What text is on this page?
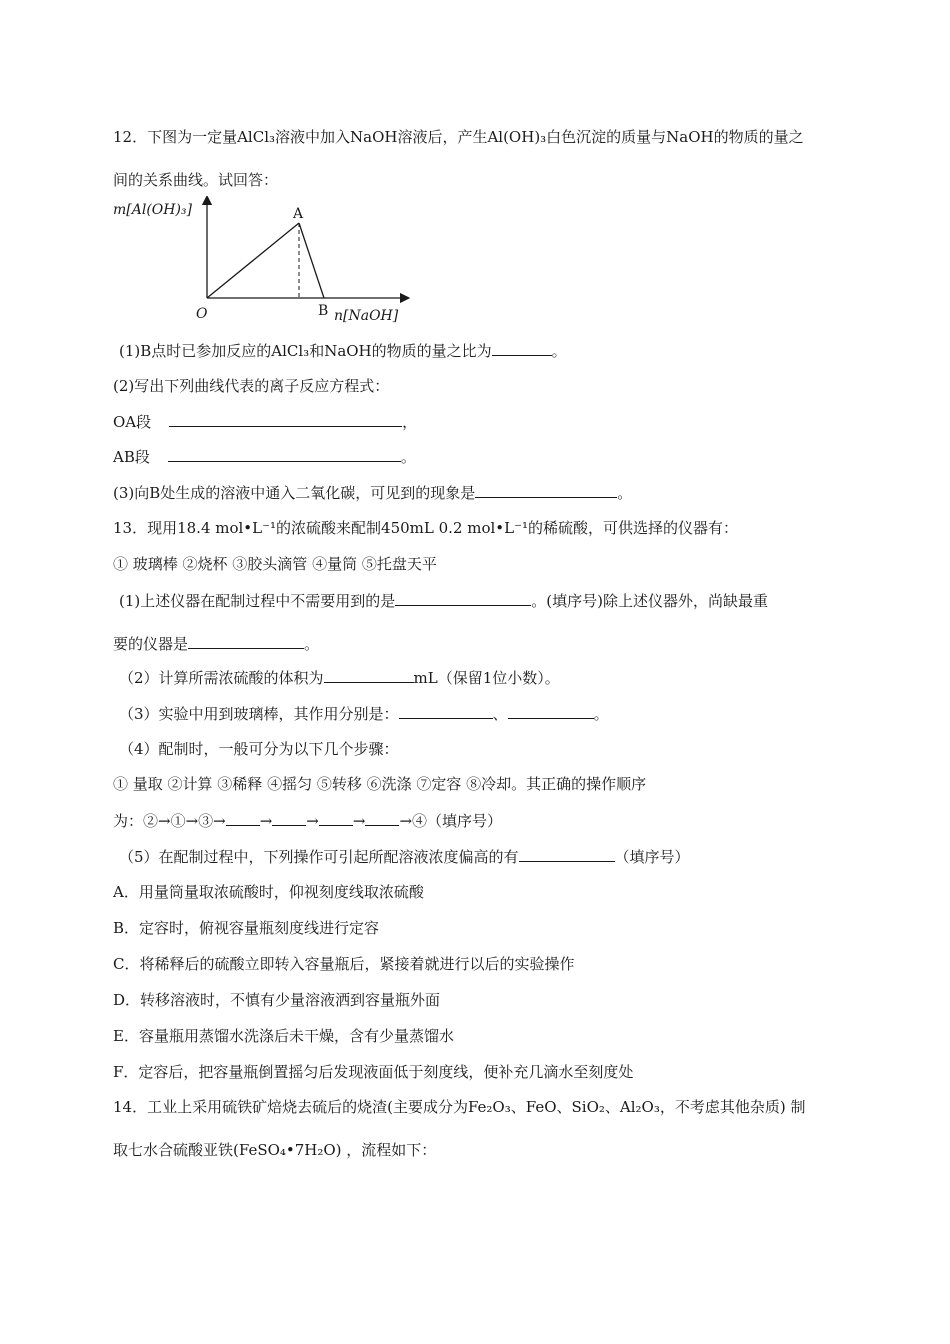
12．下图为一定量AlCl₃溶液中加入NaOH溶液后，产生Al(OH)₃白色沉淀的质量与NaOH的物质的量之
间的关系曲线。试回答：
m[Al(OH)₃]
n[NaOH]
O
A
B
(1)B点时已参加反应的AlCl₃和NaOH的物质的量之比为	。
(2)写出下列曲线代表的离子反应方程式：
OA段	，
AB段	。
(3)向B处生成的溶液中通入二氧化碳，可见到的现象是	。
13．现用18.4 mol•L⁻¹的浓硫酸来配制450mL 0.2 mol•L⁻¹的稀硫酸，可供选择的仪器有：
① 玻璃棒 ②烧杯 ③胶头滴管 ④量筒 ⑤托盘天平
(1)上述仪器在配制过程中不需要用到的是	。(填序号)除上述仪器外，尚缺最重
要的仪器是	。
（2）计算所需浓硫酸的体积为	mL（保留1位小数）。
（3）实验中用到玻璃棒，其作用分别是：	、	。
（4）配制时，一般可分为以下几个步骤：
① 量取 ②计算 ③稀释 ④摇匀 ⑤转移 ⑥洗涤 ⑦定容 ⑧冷却。其正确的操作顺序
为：②→①→③→ → → → →④（填序号）
（5）在配制过程中，下列操作可引起所配溶液浓度偏高的有	（填序号）
A．用量筒量取浓硫酸时，仰视刻度线取浓硫酸
B．定容时，俯视容量瓶刻度线进行定容
C．将稀释后的硫酸立即转入容量瓶后，紧接着就进行以后的实验操作
D．转移溶液时，不慎有少量溶液洒到容量瓶外面
E．容量瓶用蒸馏水洗涤后未干燥，含有少量蒸馏水
F．定容后，把容量瓶倒置摇匀后发现液面低于刻度线，便补充几滴水至刻度处
14．工业上采用硫铁矿焙烧去硫后的烧渣(主要成分为Fe₂O₃、FeO、SiO₂、Al₂O₃，不考虑其他杂质) 制
取七水合硫酸亚铁(FeSO₄•7H₂O) ，流程如下：
